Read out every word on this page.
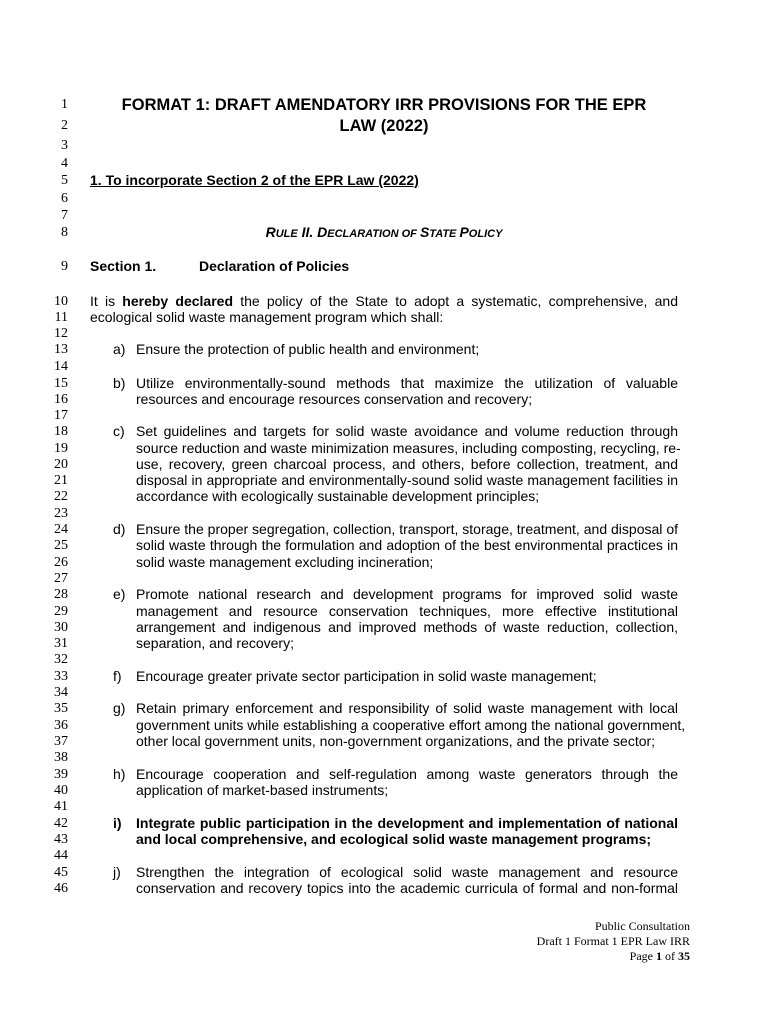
1
2
3
4
5
6
7
8
9
10
11
12
13
14
15
16
17
18
19
20
21
22
23
24
25
26
27
28
29
30
31
32
33
34
35
36
37
38
39
40
41
42
43
44
45
46
FORMAT 1: DRAFT AMENDATORY IRR PROVISIONS FOR THE EPR
LAW (2022)
1. To incorporate Section 2 of the EPR Law (2022)
RULE II. DECLARATION OF STATE POLICY
Section 1.	Declaration of Policies
It is hereby declared the policy of the State to adopt a systematic, comprehensive, and
ecological solid waste management program which shall:
a) Ensure the protection of public health and environment;
b) Utilize environmentally-sound methods that maximize the utilization of valuable
resources and encourage resources conservation and recovery;
c) Set guidelines and targets for solid waste avoidance and volume reduction through
source reduction and waste minimization measures, including composting, recycling, re-
use, recovery, green charcoal process, and others, before collection, treatment, and
disposal in appropriate and environmentally-sound solid waste management facilities in
accordance with ecologically sustainable development principles;
d) Ensure the proper segregation, collection, transport, storage, treatment, and disposal of
solid waste through the formulation and adoption of the best environmental practices in
solid waste management excluding incineration;
e) Promote national research and development programs for improved solid waste
management and resource conservation techniques, more effective institutional
arrangement and indigenous and improved methods of waste reduction, collection,
separation, and recovery;
f) Encourage greater private sector participation in solid waste management;
g) Retain primary enforcement and responsibility of solid waste management with local
government units while establishing a cooperative effort among the national government,
other local government units, non-government organizations, and the private sector;
h) Encourage cooperation and self-regulation among waste generators through the
application of market-based instruments;
i) Integrate public participation in the development and implementation of national
and local comprehensive, and ecological solid waste management programs;
j) Strengthen the integration of ecological solid waste management and resource
conservation and recovery topics into the academic curricula of formal and non-formal
Public Consultation
Draft 1 Format 1 EPR Law IRR
Page 1 of 35
